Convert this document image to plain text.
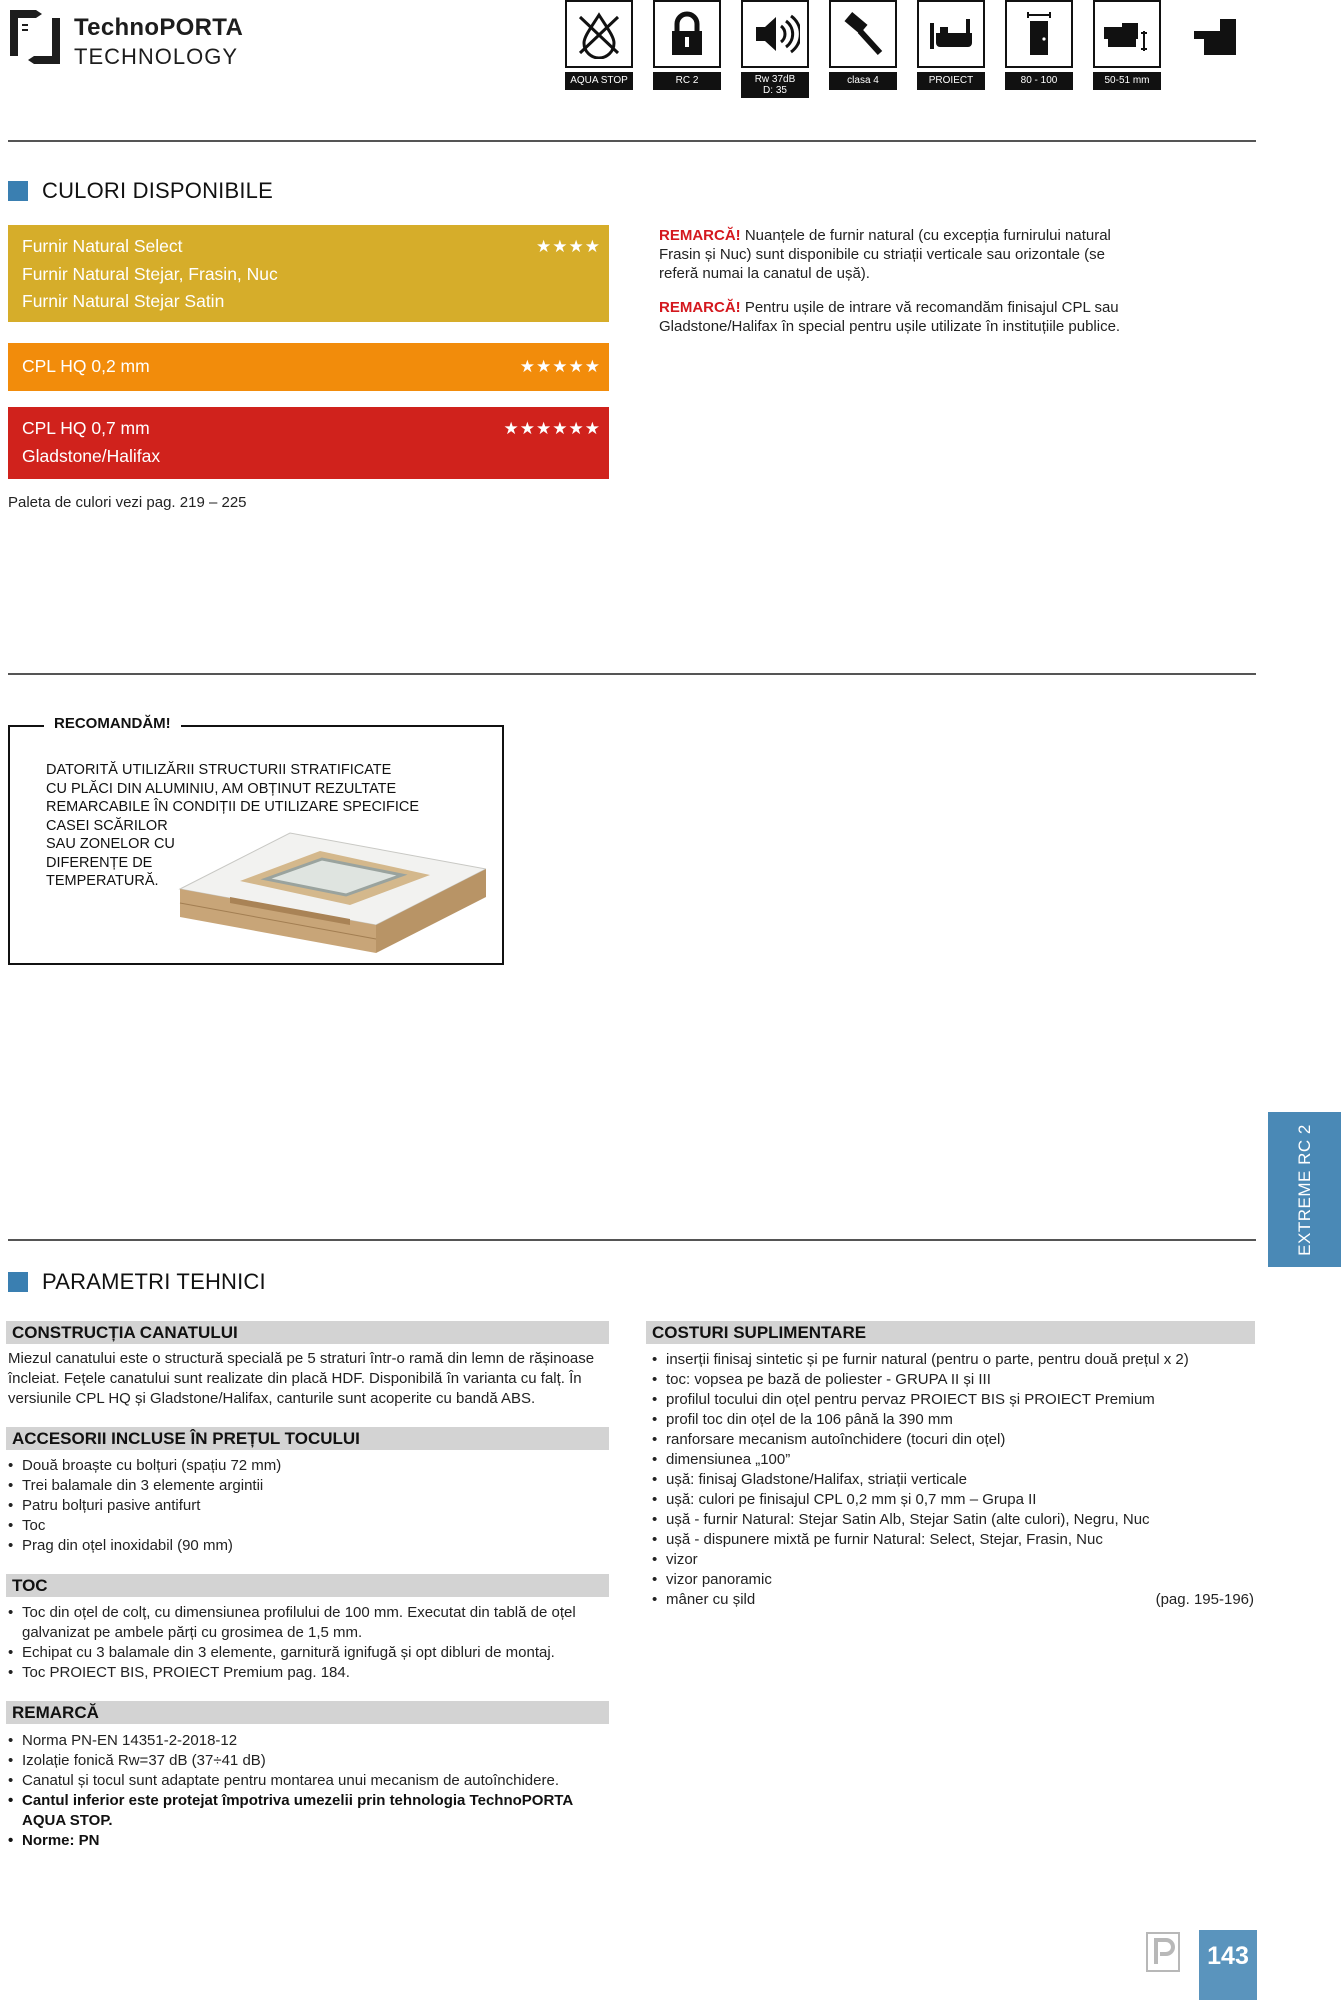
TechnoPORTA
TECHNOLOGY
AQUA STOP	RC 2	Rw 37dB
D: 35
clasa 4	PROIECT	80 - 100	50-51 mm
CULORI DISPONIBILE
Furnir Natural Select
Furnir Natural Stejar, Frasin, Nuc
Furnir Natural Stejar Satin
★★★★
CPL HQ 0,2 mm	★★★★★
CPL HQ 0,7 mm
Gladstone/Halifax
★★★★★★

REMARCĂ! Nuanțele de furnir natural (cu excepția furnirului natural Frasin și Nuc) sunt disponibile cu striații verticale sau orizontale (se referă numai la canatul de ușă).

REMARCĂ! Pentru ușile de intrare vă recomandăm finisajul CPL sau Gladstone/Halifax în special pentru ușile utilizate în instituțiile publice.

Paleta de culori vezi pag. 219 – 225
RECOMANDĂM!
DATORITĂ UTILIZĂRII STRUCTURII STRATIFICATE
CU PLĂCI DIN ALUMINIU, AM OBȚINUT REZULTATE
REMARCABILE ÎN CONDIȚII DE UTILIZARE SPECIFICE
CASEI SCĂRILOR
SAU ZONELOR CU
DIFERENȚE DE
TEMPERATURĂ.
EXTREME RC 2
PARAMETRI TEHNICI
CONSTRUCȚIA CANATULUI
Miezul canatului este o structură specială pe 5 straturi într-o ramă din lemn de rășinoase
încleiat. Fețele canatului sunt realizate din placă HDF. Disponibilă în varianta cu falț. În
versiunile CPL HQ și Gladstone/Halifax, canturile sunt acoperite cu bandă ABS.
ACCESORII INCLUSE ÎN PREȚUL TOCULUI
• Două broaște cu bolțuri (spațiu 72 mm)
• Trei balamale din 3 elemente argintii
• Patru bolțuri pasive antifurt
• Toc
• Prag din oțel inoxidabil (90 mm)
TOC
• Toc din oțel de colț, cu dimensiunea profilului de 100 mm. Executat din tablă de oțel
galvanizat pe ambele părți cu grosimea de 1,5 mm.
• Echipat cu 3 balamale din 3 elemente, garnitură ignifugă și opt dibluri de montaj.
• Toc PROIECT BIS, PROIECT Premium pag. 184.
REMARCĂ
• Norma PN-EN 14351-2-2018-12
• Izolație fonică Rw=37 dB (37÷41 dB)
• Canatul și tocul sunt adaptate pentru montarea unui mecanism de autoînchidere.
• Cantul inferior este protejat împotriva umezelii prin tehnologia TechnoPORTA
AQUA STOP.
• Norme: PN
COSTURI SUPLIMENTARE
• inserții finisaj sintetic și pe furnir natural (pentru o parte, pentru două prețul x 2)
• toc: vopsea pe bază de poliester - GRUPA II și III
• profilul tocului din oțel pentru pervaz PROIECT BIS și PROIECT Premium
• profil toc din oțel de la 106 până la 390 mm
• ranforsare mecanism autoînchidere (tocuri din oțel)
• dimensiunea „100”
• ușă: finisaj Gladstone/Halifax, striații verticale
• ușă: culori pe finisajul CPL 0,2 mm și 0,7 mm – Grupa II
• ușă - furnir Natural: Stejar Satin Alb, Stejar Satin (alte culori), Negru, Nuc
• ușă - dispunere mixtă pe furnir Natural: Select, Stejar, Frasin, Nuc
• vizor
• vizor panoramic
• mâner cu șild	(pag. 195-196)
143
